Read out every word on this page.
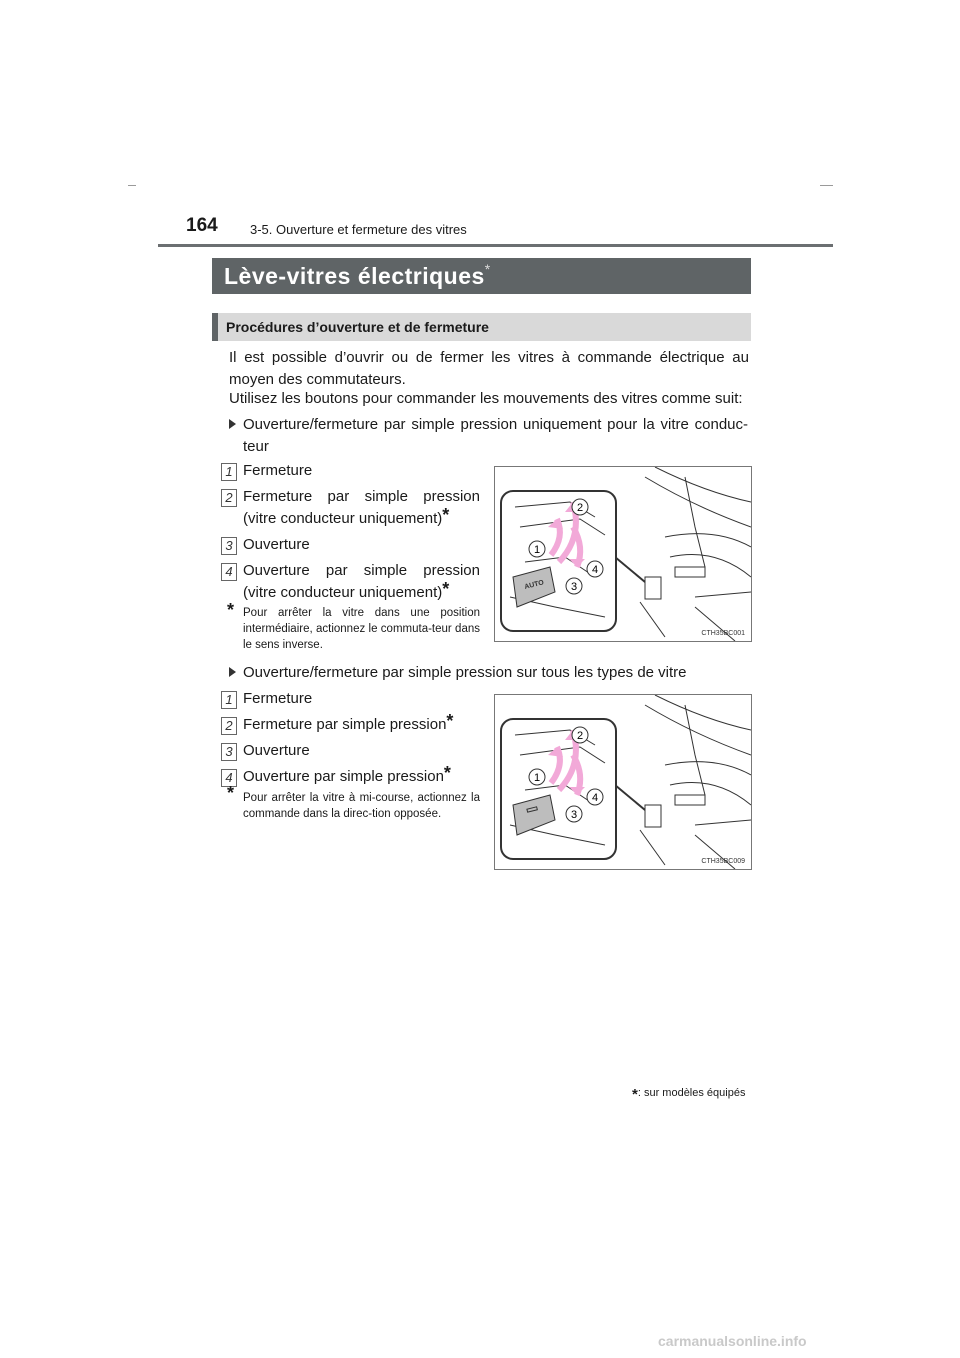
164 3-5. Ouverture et fermeture des vitres
Lève-vitres électriques*
Procédures d’ouverture et de fermeture
Il est possible d’ouvrir ou de fermer les vitres à commande électrique au moyen des commutateurs.
Utilisez les boutons pour commander les mouvements des vitres comme suit:
Ouverture/fermeture par simple pression uniquement pour la vitre conduc-teur
1 Fermeture
2 Fermeture par simple pression (vitre conducteur uniquement)*
3 Ouverture
4 Ouverture par simple pression (vitre conducteur uniquement)*
* Pour arrêter la vitre dans une position intermédiaire, actionnez le commuta-teur dans le sens inverse.
AUTO
1
2
3
4
CTH35BC001
Ouverture/fermeture par simple pression sur tous les types de vitre
1 Fermeture
2 Fermeture par simple pression*
3 Ouverture
4 Ouverture par simple pression*
* Pour arrêter la vitre à mi-course, actionnez la commande dans la direc-tion opposée.
1
2
3
4
CTH35BC009
*: sur modèles équipés
carmanualsonline.info
